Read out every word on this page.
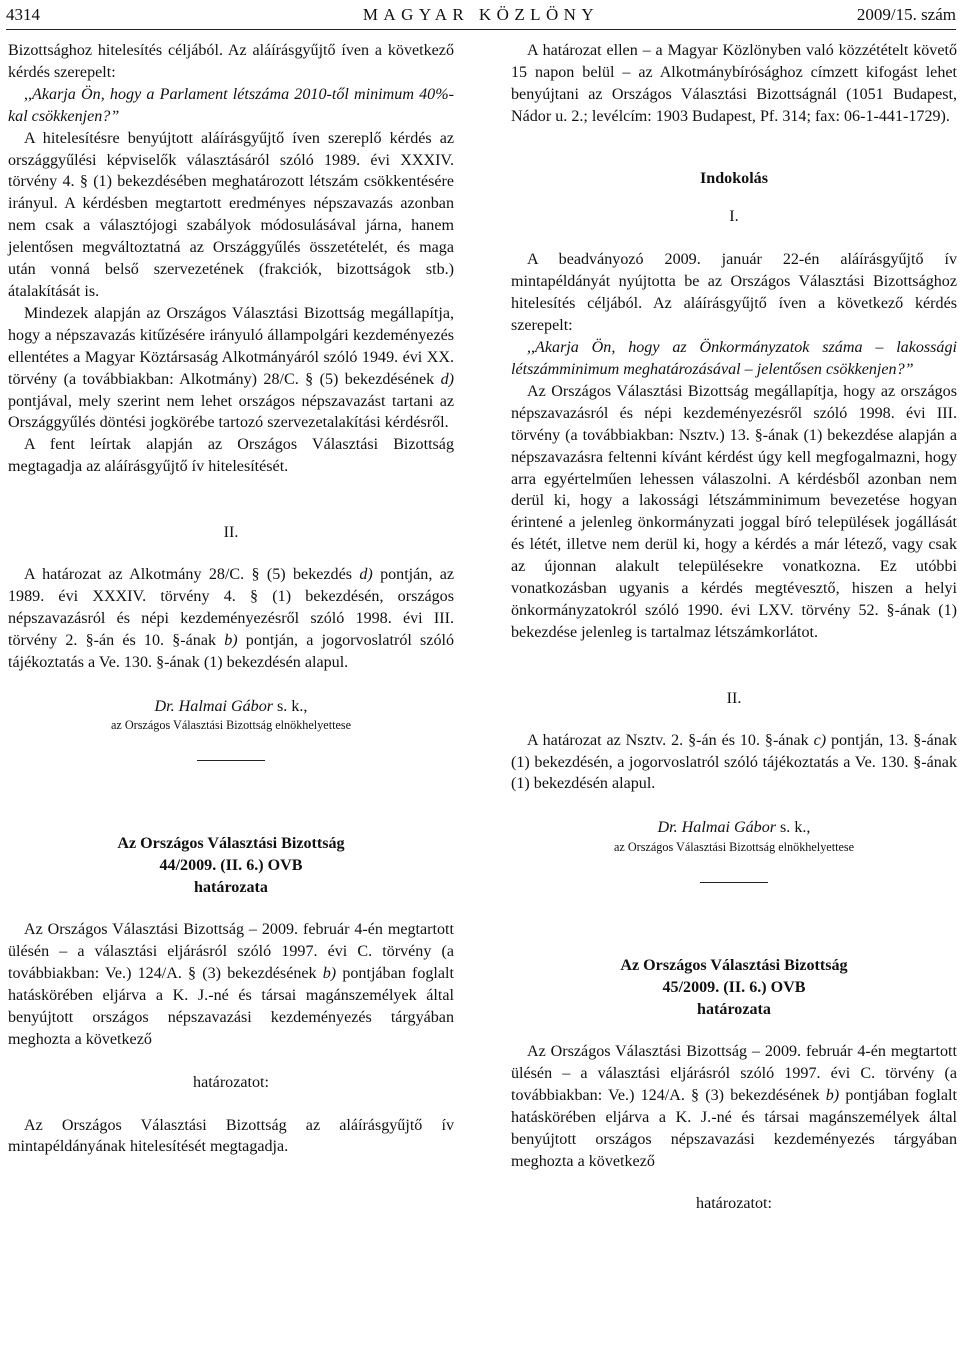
4314	MAGYAR KÖZLÖNY	2009/15. szám

Bizottsághoz hitelesítés céljából. Az aláírásgyűjtő íven a következő kérdés szerepelt:

,,Akarja Ön, hogy a Parlament létszáma 2010-től minimum 40%-kal csökkenjen?”

A hitelesítésre benyújtott aláírásgyűjtő íven szereplő kérdés az országgyűlési képviselők választásáról szóló 1989. évi XXXIV. törvény 4. § (1) bekezdésében meghatározott létszám csökkentésére irányul. A kérdésben megtartott eredményes népszavazás azonban nem csak a választójogi szabályok módosulásával járna, hanem jelentősen megváltoztatná az Országgyűlés összetételét, és maga után vonná belső szervezetének (frakciók, bizottságok stb.) átalakítását is.

Mindezek alapján az Országos Választási Bizottság megállapítja, hogy a népszavazás kitűzésére irányuló állampolgári kezdeményezés ellentétes a Magyar Köztársaság Alkotmányáról szóló 1949. évi XX. törvény (a továbbiakban: Alkotmány) 28/C. § (5) bekezdésének d) pontjával, mely szerint nem lehet országos népszavazást tartani az Országgyűlés döntési jogkörébe tartozó szervezetalakítási kérdésről.

A fent leírtak alapján az Országos Választási Bizottság megtagadja az aláírásgyűjtő ív hitelesítését.

II.

A határozat az Alkotmány 28/C. § (5) bekezdés d) pontján, az 1989. évi XXXIV. törvény 4. § (1) bekezdésén, országos népszavazásról és népi kezdeményezésről szóló 1998. évi III. törvény 2. §-án és 10. §-ának b) pontján, a jogorvoslatról szóló tájékoztatás a Ve. 130. §-ának (1) bekezdésén alapul.

Dr. Halmai Gábor s. k.,

az Országos Választási Bizottság elnökhelyettese

Az Országos Választási Bizottság

44/2009. (II. 6.) OVB

határozata

Az Országos Választási Bizottság – 2009. február 4-én megtartott ülésén – a választási eljárásról szóló 1997. évi C. törvény (a továbbiakban: Ve.) 124/A. § (3) bekezdésének b) pontjában foglalt hatáskörében eljárva a K. J.-né és társai magánszemélyek által benyújtott országos népszavazási kezdeményezés tárgyában meghozta a következő

határozatot:

Az Országos Választási Bizottság az aláírásgyűjtő ív mintapéldányának hitelesítését megtagadja.

A határozat ellen – a Magyar Közlönyben való közzétételt követő 15 napon belül – az Alkotmánybírósághoz címzett kifogást lehet benyújtani az Országos Választási Bizottságnál (1051 Budapest, Nádor u. 2.; levélcím: 1903 Budapest, Pf. 314; fax: 06-1-441-1729).

Indokolás

I.

A beadványozó 2009. január 22-én aláírásgyűjtő ív mintapéldányát nyújtotta be az Országos Választási Bizottsághoz hitelesítés céljából. Az aláírásgyűjtő íven a következő kérdés szerepelt:

,,Akarja Ön, hogy az Önkormányzatok száma – lakossági létszámminimum meghatározásával – jelentősen csökkenjen?”

Az Országos Választási Bizottság megállapítja, hogy az országos népszavazásról és népi kezdeményezésről szóló 1998. évi III. törvény (a továbbiakban: Nsztv.) 13. §-ának (1) bekezdése alapján a népszavazásra feltenni kívánt kérdést úgy kell megfogalmazni, hogy arra egyértelműen lehessen válaszolni. A kérdésből azonban nem derül ki, hogy a lakossági létszámminimum bevezetése hogyan érintené a jelenleg önkormányzati joggal bíró települések jogállását és létét, illetve nem derül ki, hogy a kérdés a már létező, vagy csak az újonnan alakult településekre vonatkozna. Ez utóbbi vonatkozásban ugyanis a kérdés megtévesztő, hiszen a helyi önkormányzatokról szóló 1990. évi LXV. törvény 52. §-ának (1) bekezdése jelenleg is tartalmaz létszámkorlátot.

II.

A határozat az Nsztv. 2. §-án és 10. §-ának c) pontján, 13. §-ának (1) bekezdésén, a jogorvoslatról szóló tájékoztatás a Ve. 130. §-ának (1) bekezdésén alapul.

Dr. Halmai Gábor s. k.,

az Országos Választási Bizottság elnökhelyettese

Az Országos Választási Bizottság

45/2009. (II. 6.) OVB

határozata

Az Országos Választási Bizottság – 2009. február 4-én megtartott ülésén – a választási eljárásról szóló 1997. évi C. törvény (a továbbiakban: Ve.) 124/A. § (3) bekezdésének b) pontjában foglalt hatáskörében eljárva a K. J.-né és társai magánszemélyek által benyújtott országos népszavazási kezdeményezés tárgyában meghozta a következő

határozatot:
